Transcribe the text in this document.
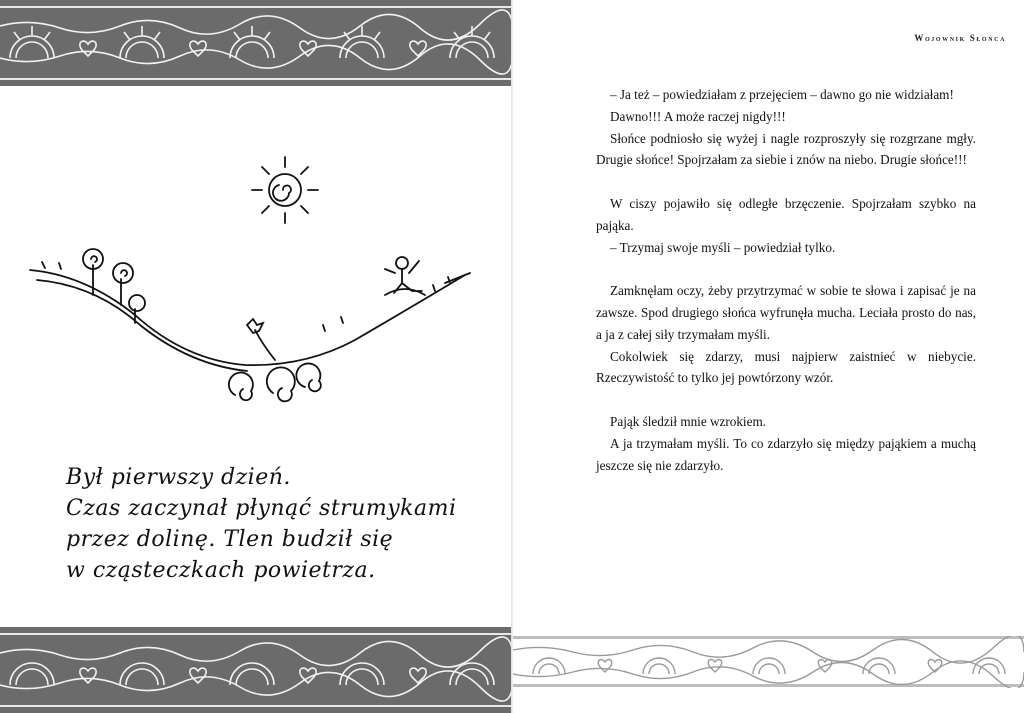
Był pierwszy dzień.
Czas zaczynał płynąć strumykami
przez dolinę. Tlen budził się
w cząsteczkach powietrza.
Wojownik Słońca

– Ja też – powiedziałam z przejęciem – dawno go nie widziałam!

Dawno!!! A może raczej nigdy!!!

Słońce podniosło się wyżej i nagle rozproszyły się rozgrzane mgły. Drugie słońce! Spojrzałam za siebie i znów na niebo. Drugie słońce!!!

W ciszy pojawiło się odległe brzęczenie. Spojrzałam szybko na pająka.

– Trzymaj swoje myśli – powiedział tylko.

Zamknęłam oczy, żeby przytrzymać w sobie te słowa i zapisać je na zawsze. Spod drugiego słońca wyfrunęła mucha. Leciała prosto do nas, a ja z całej siły trzymałam myśli.

Cokolwiek się zdarzy, musi najpierw zaistnieć w niebycie. Rzeczywistość to tylko jej powtórzony wzór.

Pająk śledził mnie wzrokiem.

A ja trzymałam myśli. To co zdarzyło się między pająkiem a muchą jeszcze się nie zdarzyło.
